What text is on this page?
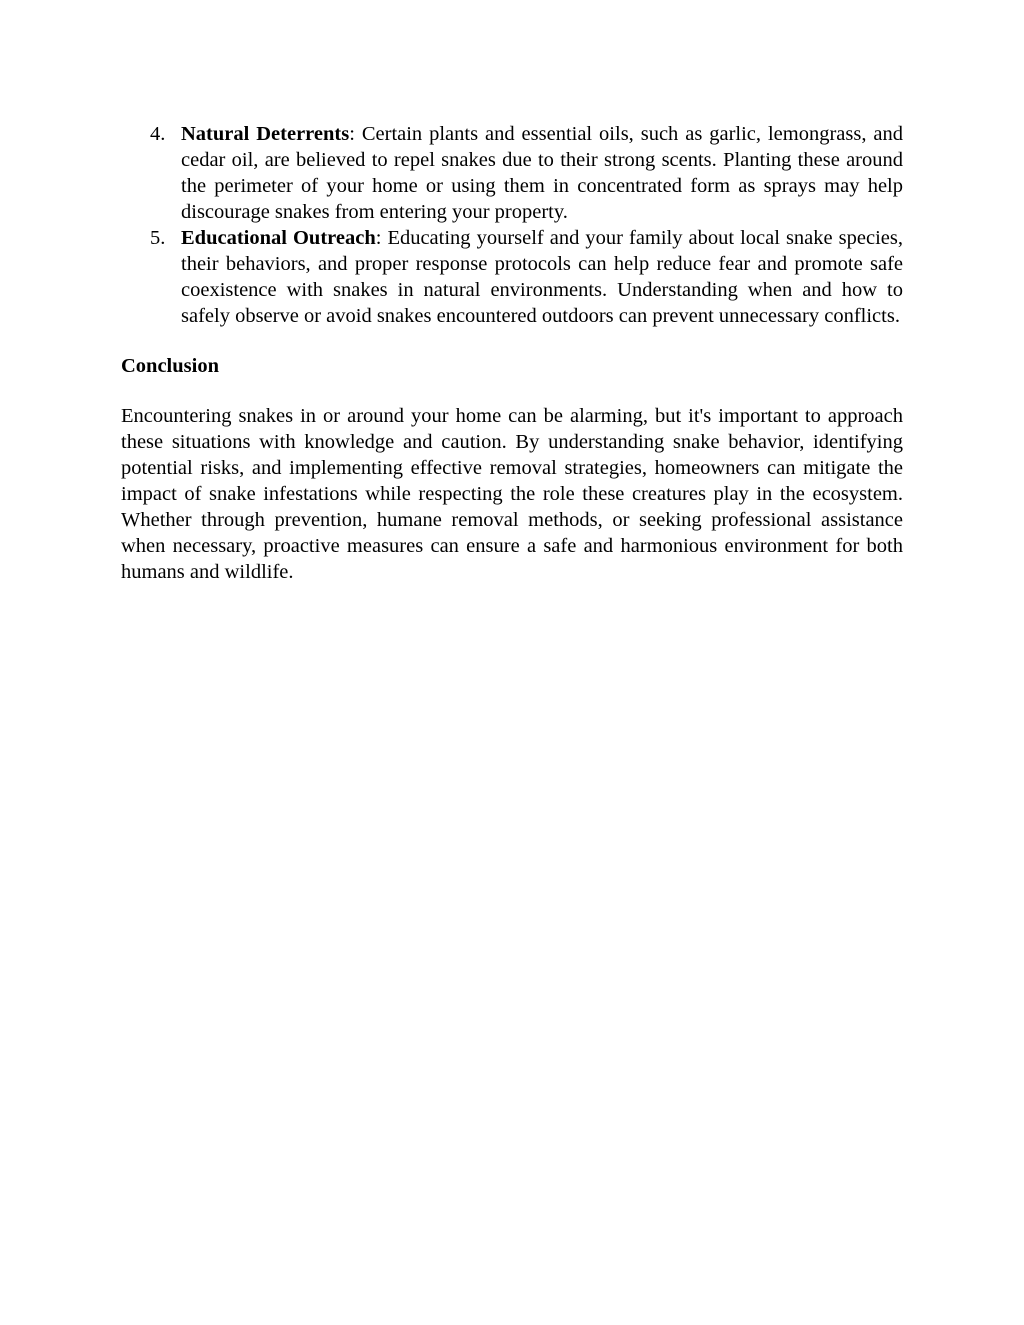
4. Natural Deterrents: Certain plants and essential oils, such as garlic, lemongrass, and cedar oil, are believed to repel snakes due to their strong scents. Planting these around the perimeter of your home or using them in concentrated form as sprays may help discourage snakes from entering your property.
5. Educational Outreach: Educating yourself and your family about local snake species, their behaviors, and proper response protocols can help reduce fear and promote safe coexistence with snakes in natural environments. Understanding when and how to safely observe or avoid snakes encountered outdoors can prevent unnecessary conflicts.
Conclusion

Encountering snakes in or around your home can be alarming, but it's important to approach these situations with knowledge and caution. By understanding snake behavior, identifying potential risks, and implementing effective removal strategies, homeowners can mitigate the impact of snake infestations while respecting the role these creatures play in the ecosystem. Whether through prevention, humane removal methods, or seeking professional assistance when necessary, proactive measures can ensure a safe and harmonious environment for both humans and wildlife.
